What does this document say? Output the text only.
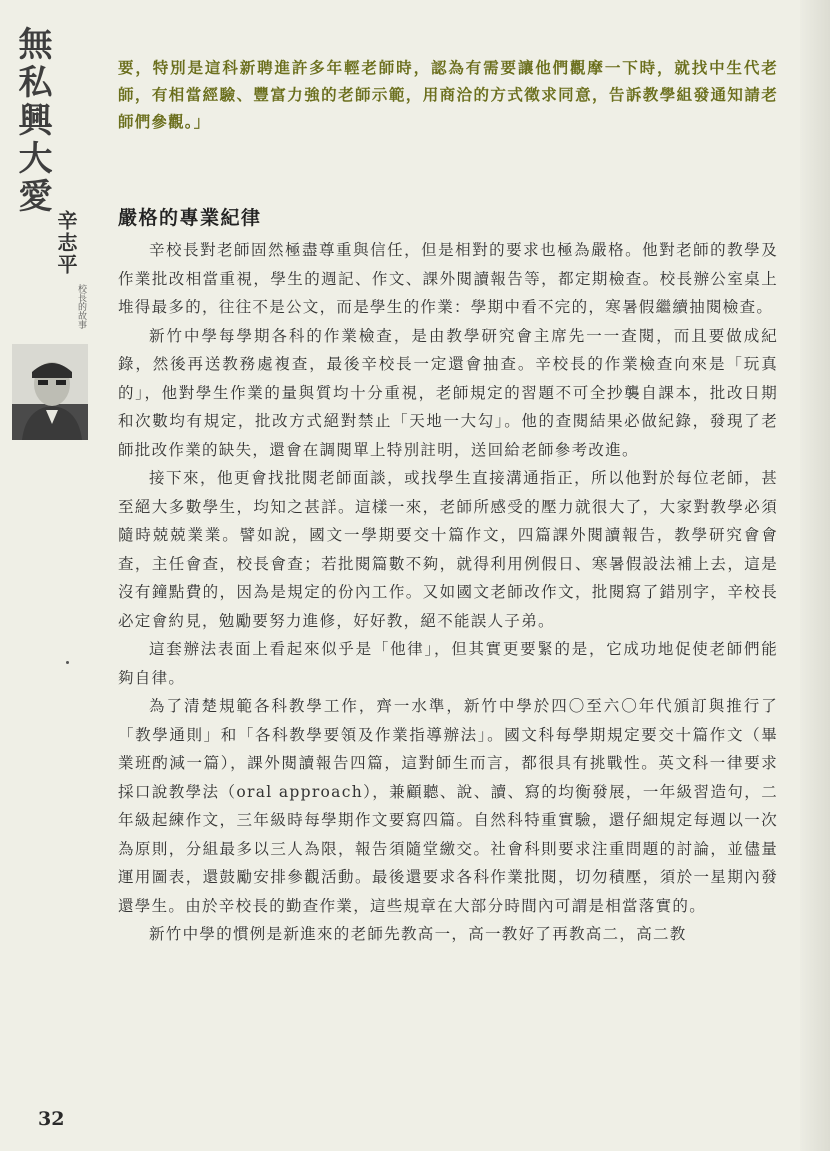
無私興大愛
辛志平
校長的故事

要，特別是這科新聘進許多年輕老師時，認為有需要讓他們觀摩一下時，就找中生代老師，有相當經驗、豐富力強的老師示範，用商洽的方式徵求同意，告訴教學組發通知請老師們參觀。」

嚴格的專業紀律

辛校長對老師固然極盡尊重與信任，但是相對的要求也極為嚴格。他對老師的教學及作業批改相當重視，學生的週記、作文、課外閱讀報告等，都定期檢查。校長辦公室桌上堆得最多的，往往不是公文，而是學生的作業：學期中看不完的，寒暑假繼續抽閱檢查。

新竹中學每學期各科的作業檢查，是由教學研究會主席先一一查閱，而且要做成紀錄，然後再送教務處複查，最後辛校長一定還會抽查。辛校長的作業檢查向來是「玩真的」，他對學生作業的量與質均十分重視，老師規定的習題不可全抄襲自課本，批改日期和次數均有規定，批改方式絕對禁止「天地一大勾」。他的查閱結果必做紀錄，發現了老師批改作業的缺失，還會在調閱單上特別註明，送回給老師參考改進。

接下來，他更會找批閱老師面談，或找學生直接溝通指正，所以他對於每位老師，甚至絕大多數學生，均知之甚詳。這樣一來，老師所感受的壓力就很大了，大家對教學必須隨時兢兢業業。譬如說，國文一學期要交十篇作文，四篇課外閱讀報告，教學研究會會查，主任會查，校長會查；若批閱篇數不夠，就得利用例假日、寒暑假設法補上去，這是沒有鐘點費的，因為是規定的份內工作。又如國文老師改作文，批閱寫了錯別字，辛校長必定會約見，勉勵要努力進修，好好教，絕不能誤人子弟。

這套辦法表面上看起來似乎是「他律」，但其實更要緊的是，它成功地促使老師們能夠自律。

為了清楚規範各科教學工作，齊一水準，新竹中學於四〇至六〇年代頒訂與推行了「教學通則」和「各科教學要領及作業指導辦法」。國文科每學期規定要交十篇作文（畢業班酌減一篇），課外閱讀報告四篇，這對師生而言，都很具有挑戰性。英文科一律要求採口說教學法（oral approach），兼顧聽、說、讀、寫的均衡發展，一年級習造句，二年級起練作文，三年級時每學期作文要寫四篇。自然科特重實驗，還仔細規定每週以一次為原則，分組最多以三人為限，報告須隨堂繳交。社會科則要求注重問題的討論，並儘量運用圖表，還鼓勵安排參觀活動。最後還要求各科作業批閱，切勿積壓，須於一星期內發還學生。由於辛校長的勤查作業，這些規章在大部分時間內可謂是相當落實的。

新竹中學的慣例是新進來的老師先教高一，高一教好了再教高二，高二教

32
